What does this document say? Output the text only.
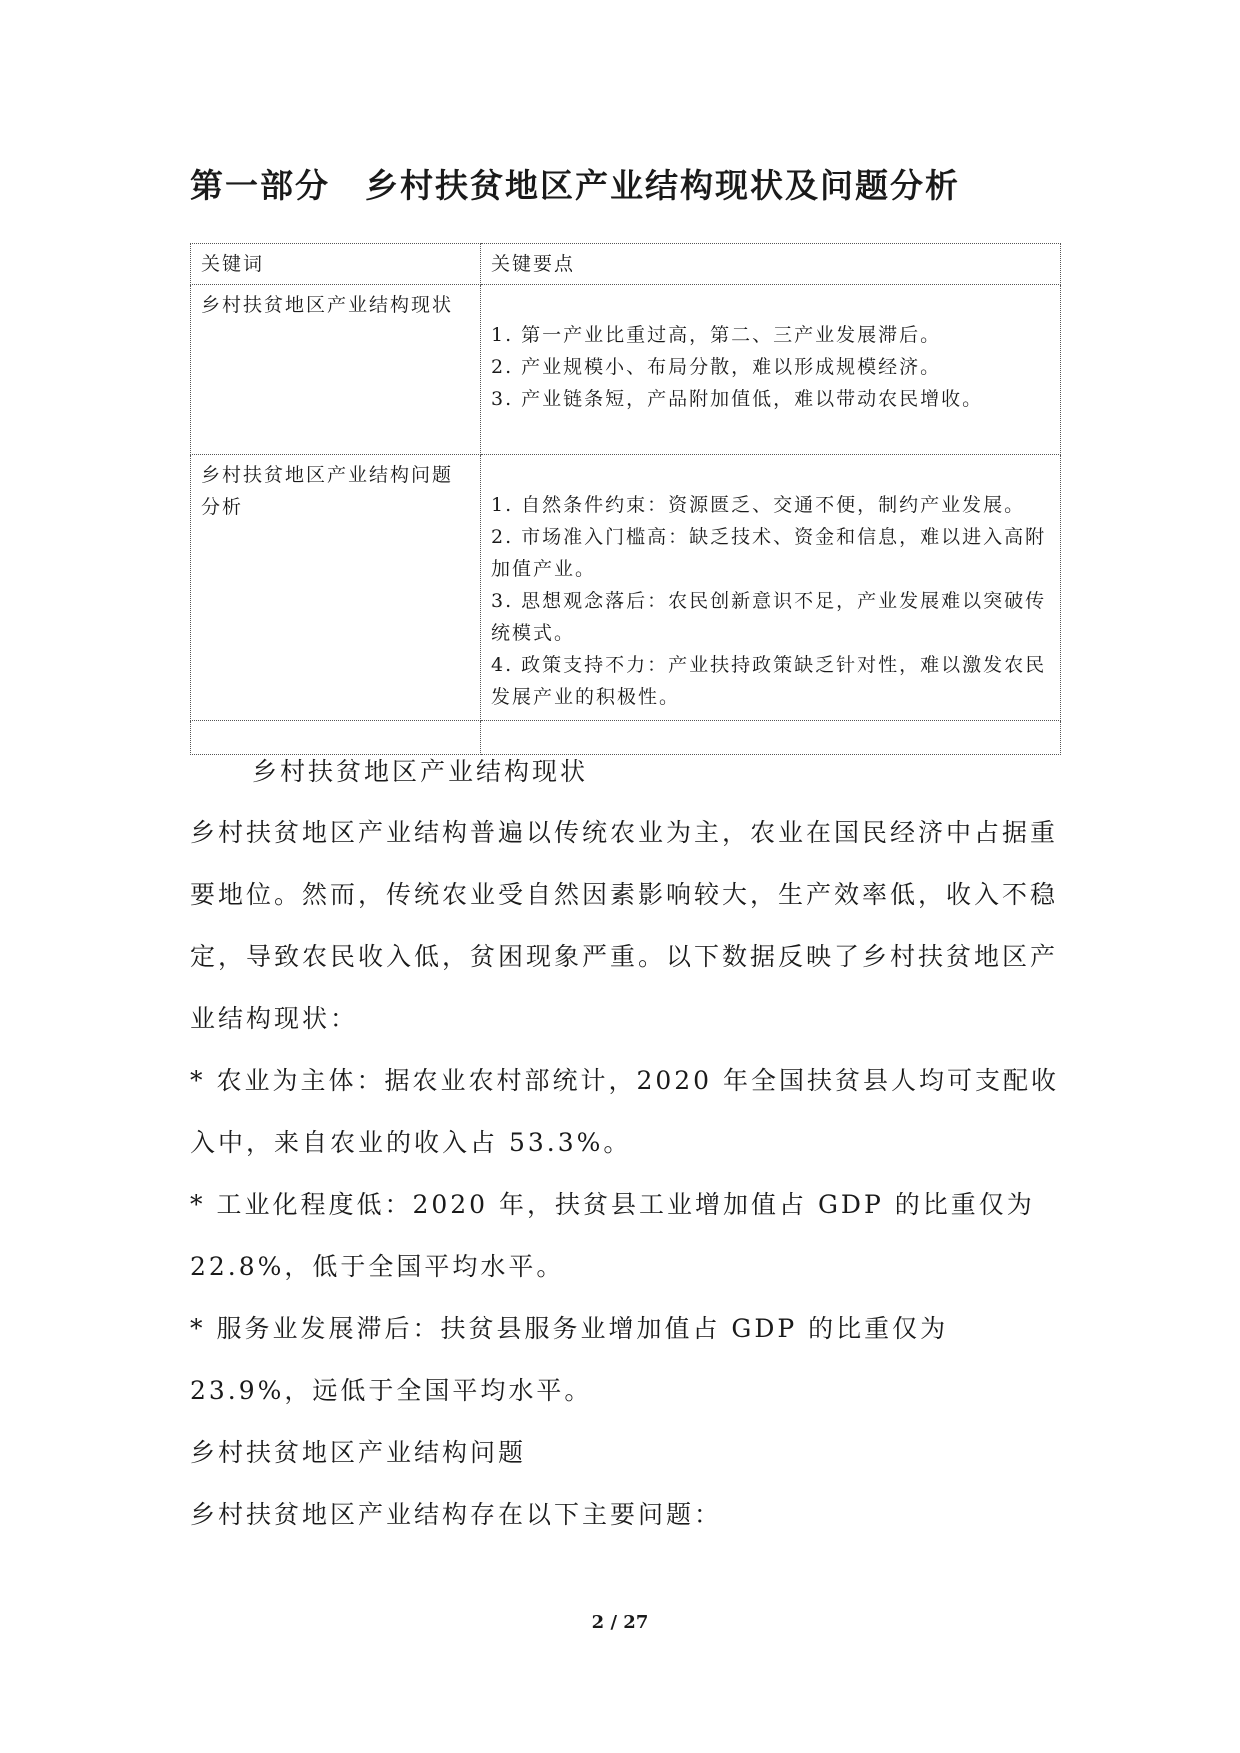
第一部分　乡村扶贫地区产业结构现状及问题分析
关键词	关键要点
乡村扶贫地区产业结构现状	1. 第一产业比重过高，第二、三产业发展滞后。
2. 产业规模小、布局分散，难以形成规模经济。
3. 产业链条短，产品附加值低，难以带动农民增收。

乡村扶贫地区产业结构问题分析	1. 自然条件约束：资源匮乏、交通不便，制约产业发展。
2. 市场准入门槛高：缺乏技术、资金和信息，难以进入高附加值产业。
3. 思想观念落后：农民创新意识不足，产业发展难以突破传统模式。
4. 政策支持不力：产业扶持政策缺乏针对性，难以激发农民发展产业的积极性。

乡村扶贫地区产业结构现状
乡村扶贫地区产业结构普遍以传统农业为主，农业在国民经济中占据重要地位。然而，传统农业受自然因素影响较大，生产效率低，收入不稳定，导致农民收入低，贫困现象严重。以下数据反映了乡村扶贫地区产业结构现状：
* 农业为主体：据农业农村部统计，2020 年全国扶贫县人均可支配收入中，来自农业的收入占 53.3%。
* 工业化程度低：2020 年，扶贫县工业增加值占 GDP 的比重仅为 22.8%，低于全国平均水平。
* 服务业发展滞后：扶贫县服务业增加值占 GDP 的比重仅为 23.9%，远低于全国平均水平。
乡村扶贫地区产业结构问题
乡村扶贫地区产业结构存在以下主要问题：
2 / 27
